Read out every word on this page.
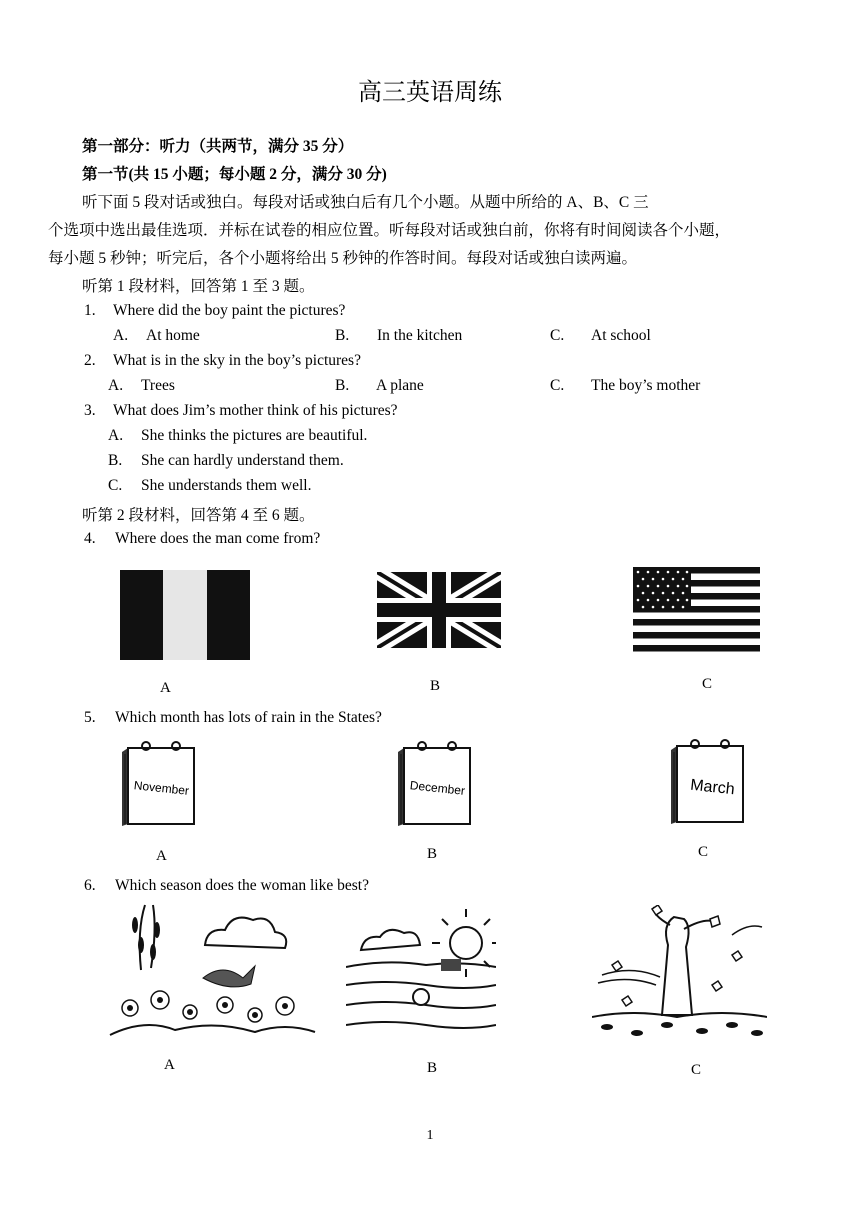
高三英语周练
第一部分：听力（共两节，满分 35 分）
第一节(共 15 小题；每小题 2 分，满分 30 分)
听下面 5 段对话或独白。每段对话或独白后有几个小题。从题中所给的 A、B、C 三
个选项中选出最佳选项．并标在试卷的相应位置。听每段对话或独白前，你将有时间阅读各个小题，
每小题 5 秒钟；听完后，各个小题将给出 5 秒钟的作答时间。每段对话或独白读两遍。
听第 1 段材料，回答第 1 至 3 题。
1. Where did the boy paint the pictures?
A. At home	B. In the kitchen	C. At school
2. What is in the sky in the boy’s pictures?
A. Trees	B. A plane	C. The boy’s mother
3. What does Jim’s mother think of his pictures?
A. She thinks the pictures are beautiful.
B. She can hardly understand them.
C. She understands them well.
听第 2 段材料，回答第 4 至 6 题。
4. Where does the man come from?
A	B	C
5. Which month has lots of rain in the States?
November
A
December
B
March
C
6. Which season does the woman like best?
A	B	C
1
